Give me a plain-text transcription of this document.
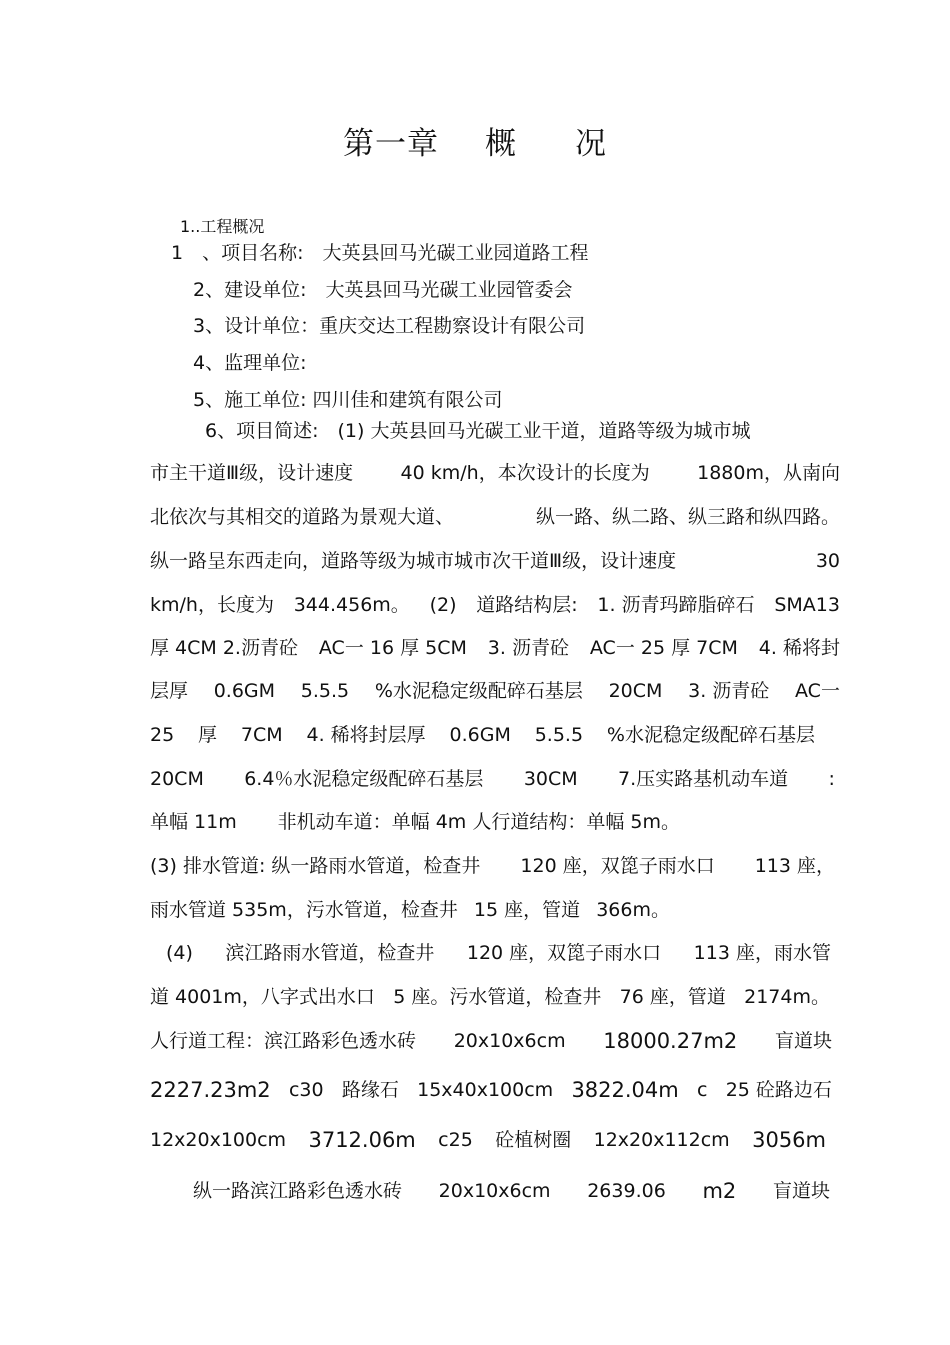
第一章 概 况
1..工程概况
1　、项目名称:　大英县回马光碳工业园道路工程
2、建设单位:　大英县回马光碳工业园管委会
3、设计单位：重庆交达工程勘察设计有限公司
4、监理单位:
5、施工单位: 四川佳和建筑有限公司
6、项目简述:　(1) 大英县回马光碳工业干道，道路等级为城市城
市主干道Ⅲ级，设计速度 40 km/h，本次设计的长度为 1880m，从南向
北依次与其相交的道路为景观大道、	纵一路、纵二路、纵三路和纵四路。
纵一路呈东西走向，道路等级为城市城市次干道Ⅲ级，设计速度	30
km/h，长度为 344.456m。 (2) 道路结构层: 1. 沥青玛蹄脂碎石 SMA13
厚 4CM 2.沥青砼 AC一 16 厚 5CM 3. 沥青砼 AC一 25 厚 7CM 4. 稀将封
层厚 0.6GM 5.5.5 %水泥稳定级配碎石基层 20CM 3. 沥青砼 AC一
25 厚 7CM 4. 稀将封层厚 0.6GM 5.5.5 %水泥稳定级配碎石基层
20CM 6.4％水泥稳定级配碎石基层 30CM 7.压实路基机动车道 :
单幅 11m 非机动车道：单幅 4m 人行道结构：单幅 5m。
(3) 排水管道: 纵一路雨水管道，检查井 120 座，双箆子雨水口 113 座，
雨水管道 535m，污水管道，检查井 15 座，管道 366m。
(4) 滨江路雨水管道，检查井 120 座，双箆子雨水口 113 座，雨水管
道 4001m，八字式出水口 5 座。污水管道，检查井 76 座，管道 2174m。
人行道工程：滨江路彩色透水砖 20x10x6cm 18000.27m2 盲道块
2227.23m2 c30 路缘石 15x40x100cm 3822.04m c 25 砼路边石
12x20x100cm 3712.06m c25 砼植树圈 12x20x112cm 3056m
纵一路滨江路彩色透水砖 20x10x6cm 2639.06 m2 盲道块
